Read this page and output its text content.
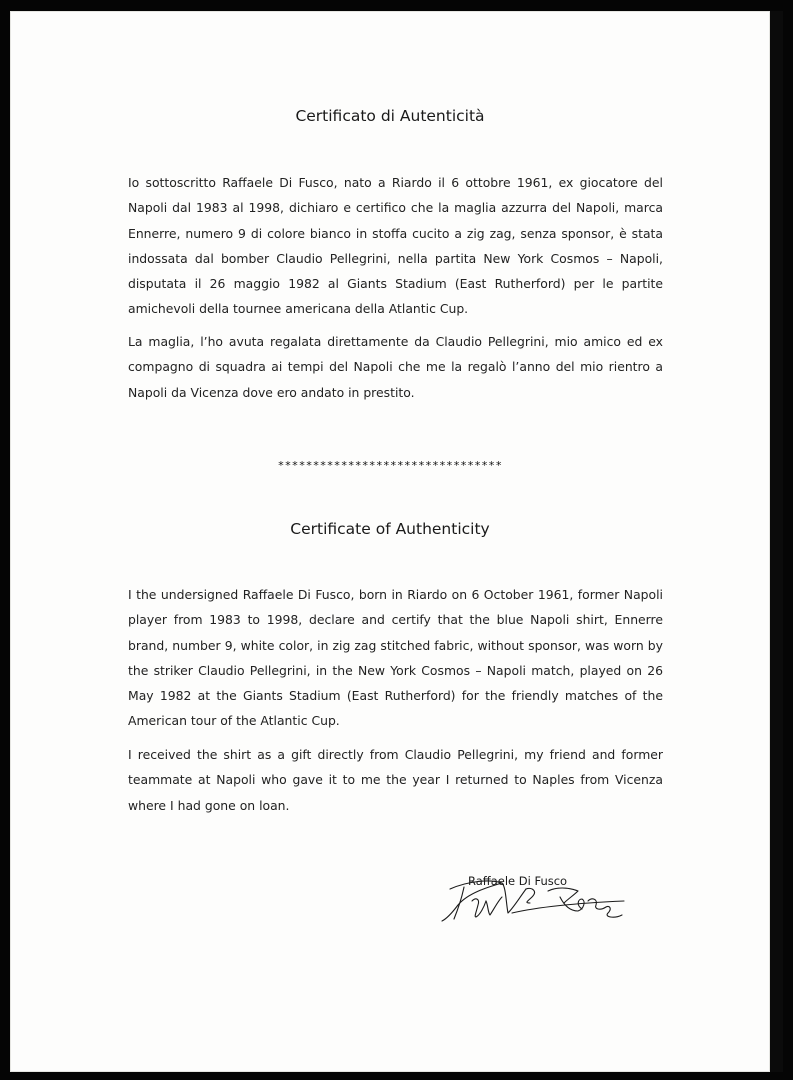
Certificato di Autenticità

Io sottoscritto Raffaele Di Fusco, nato a Riardo il 6 ottobre 1961, ex giocatore del Napoli dal 1983 al 1998, dichiaro e certifico che la maglia azzurra del Napoli, marca Ennerre, numero 9 di colore bianco in stoffa cucito a zig zag, senza sponsor, è stata indossata dal bomber Claudio Pellegrini, nella partita New York Cosmos – Napoli, disputata il 26 maggio 1982 al Giants Stadium (East Rutherford) per le partite amichevoli della tournee americana della Atlantic Cup.

La maglia, l’ho avuta regalata direttamente da Claudio Pellegrini, mio amico ed ex compagno di squadra ai tempi del Napoli che me la regalò l’anno del mio rientro a Napoli da Vicenza dove ero andato in prestito.

********************************
Certificate of Authenticity

I the undersigned Raffaele Di Fusco, born in Riardo on 6 October 1961, former Napoli player from 1983 to 1998, declare and certify that the blue Napoli shirt, Ennerre brand, number 9, white color, in zig zag stitched fabric, without sponsor, was worn by the striker Claudio Pellegrini, in the New York Cosmos – Napoli match, played on 26 May 1982 at the Giants Stadium (East Rutherford) for the friendly matches of the American tour of the Atlantic Cup.

I received the shirt as a gift directly from Claudio Pellegrini, my friend and former teammate at Napoli who gave it to me the year I returned to Naples from Vicenza where I had gone on loan.

Raffaele Di Fusco
